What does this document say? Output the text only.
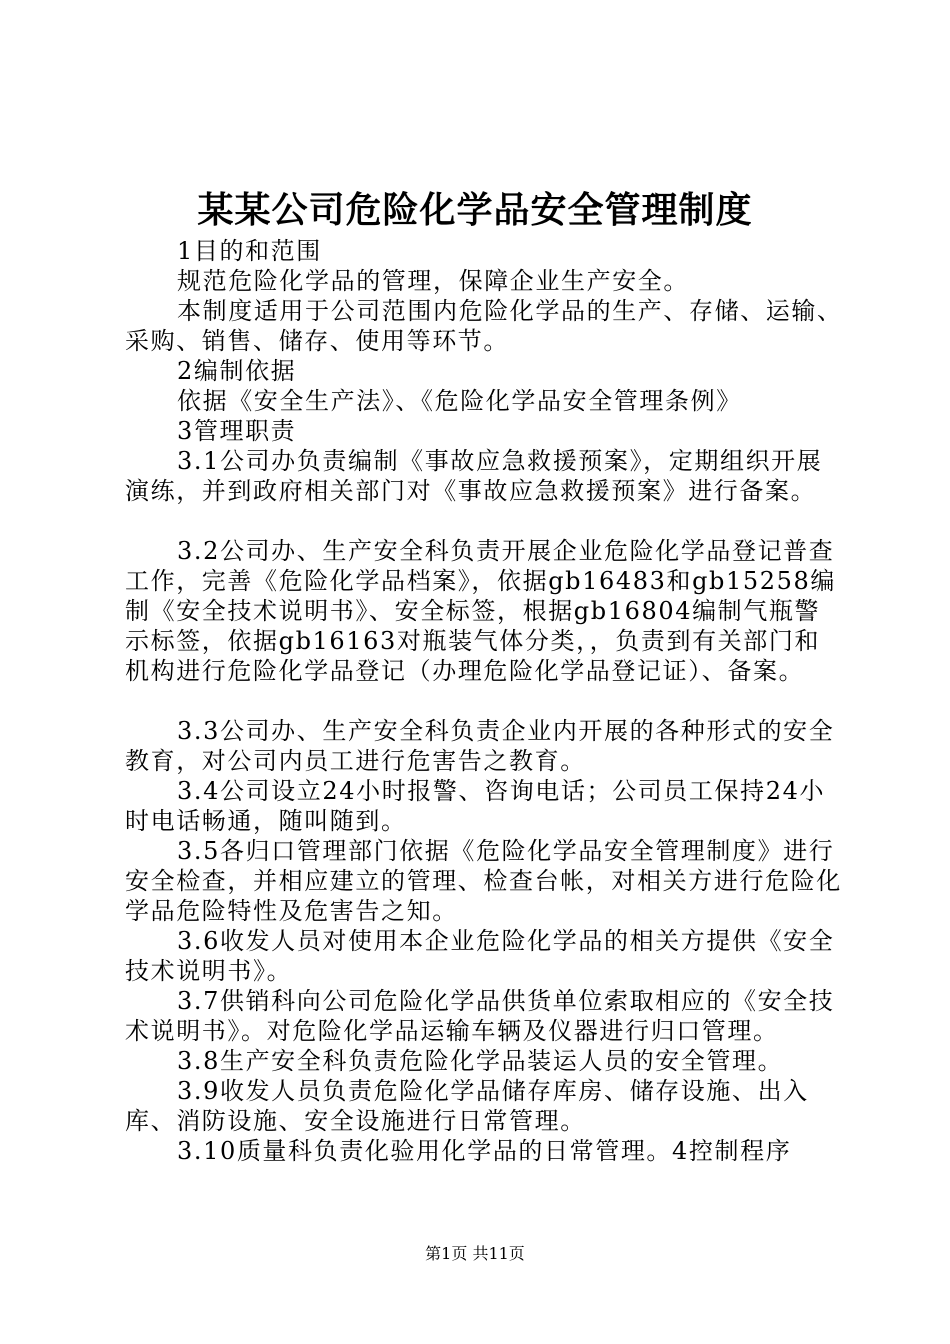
某某公司危险化学品安全管理制度

1目的和范围

规范危险化学品的管理，保障企业生产安全。

本制度适用于公司范围内危险化学品的生产、存储、运输、采购、销售、储存、使用等环节。

2编制依据

依据《安全生产法》、《危险化学品安全管理条例》

3管理职责

3.1公司办负责编制《事故应急救援预案》，定期组织开展演练，并到政府相关部门对《事故应急救援预案》进行备案。

3.2公司办、生产安全科负责开展企业危险化学品登记普查工作，完善《危险化学品档案》，依据gb16483和gb15258编制《安全技术说明书》、安全标签，根据gb16804编制气瓶警示标签，依据gb16163对瓶装气体分类，，负责到有关部门和机构进行危险化学品登记（办理危险化学品登记证）、备案。

3.3公司办、生产安全科负责企业内开展的各种形式的安全教育，对公司内员工进行危害告之教育。

3.4公司设立24小时报警、咨询电话；公司员工保持24小时电话畅通，随叫随到。

3.5各归口管理部门依据《危险化学品安全管理制度》进行安全检查，并相应建立的管理、检查台帐，对相关方进行危险化学品危险特性及危害告之知。

3.6收发人员对使用本企业危险化学品的相关方提供《安全技术说明书》。

3.7供销科向公司危险化学品供货单位索取相应的《安全技术说明书》。对危险化学品运输车辆及仪器进行归口管理。

3.8生产安全科负责危险化学品装运人员的安全管理。

3.9收发人员负责危险化学品储存库房、储存设施、出入库、消防设施、安全设施进行日常管理。

3.10质量科负责化验用化学品的日常管理。4控制程序

第1页 共11页
